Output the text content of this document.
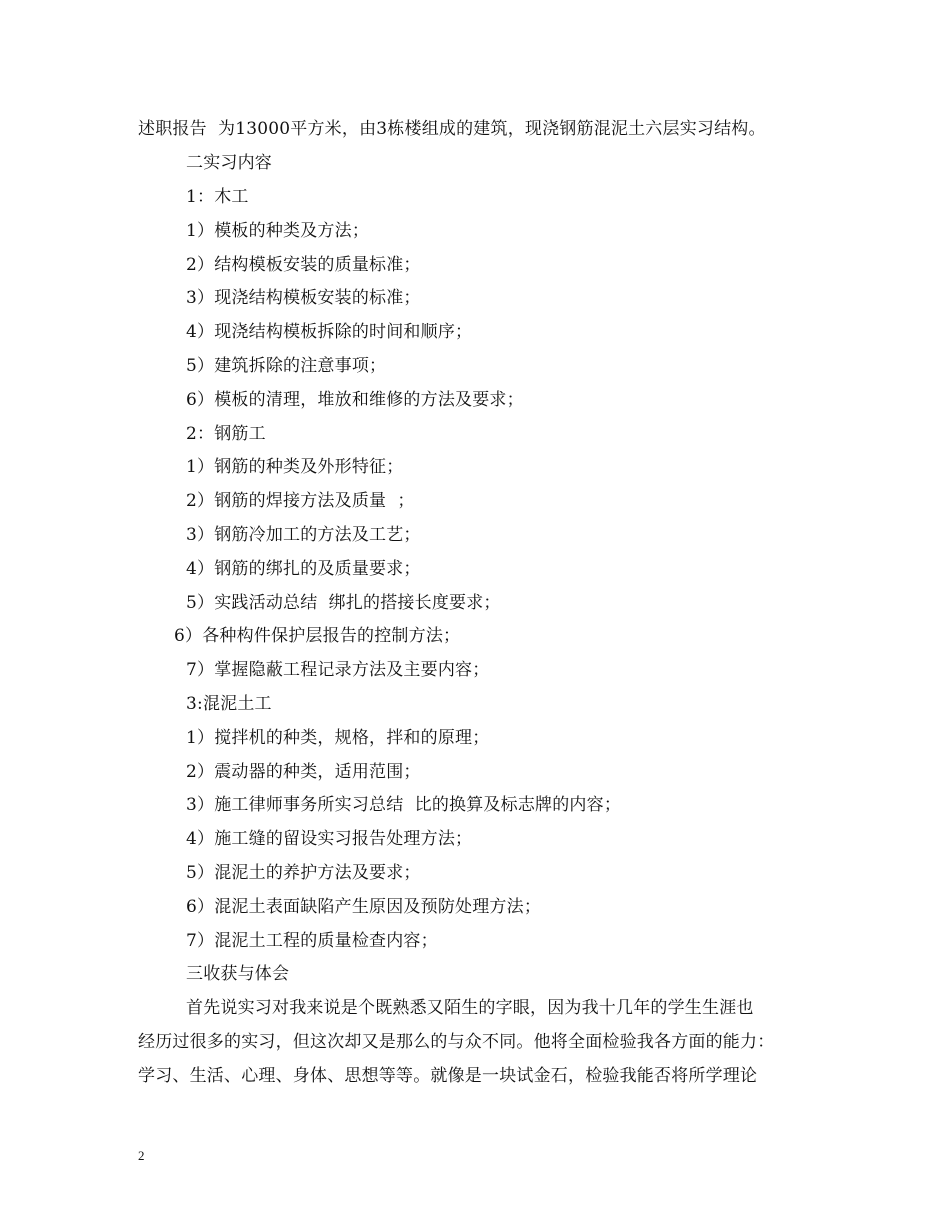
述职报告  为13000平方米，由3栋楼组成的建筑，现浇钢筋混泥土六层实习结构。
二实习内容
1：木工
1）模板的种类及方法；
2）结构模板安装的质量标准；
3）现浇结构模板安装的标准；
4）现浇结构模板拆除的时间和顺序；
5）建筑拆除的注意事项；
6）模板的清理，堆放和维修的方法及要求；
2：钢筋工
1）钢筋的种类及外形特征；
2）钢筋的焊接方法及质量  ；
3）钢筋冷加工的方法及工艺；
4）钢筋的绑扎的及质量要求；
5）实践活动总结  绑扎的搭接长度要求；
6）各种构件保护层报告的控制方法；
7）掌握隐蔽工程记录方法及主要内容；
3:混泥土工
1）搅拌机的种类，规格，拌和的原理；
2）震动器的种类，适用范围；
3）施工律师事务所实习总结  比的换算及标志牌的内容；
4）施工缝的留设实习报告处理方法；
5）混泥土的养护方法及要求；
6）混泥土表面缺陷产生原因及预防处理方法；
7）混泥土工程的质量检查内容；
三收获与体会
首先说实习对我来说是个既熟悉又陌生的字眼，因为我十几年的学生生涯也
经历过很多的实习，但这次却又是那么的与众不同。他将全面检验我各方面的能力：
学习、生活、心理、身体、思想等等。就像是一块试金石，检验我能否将所学理论
2
